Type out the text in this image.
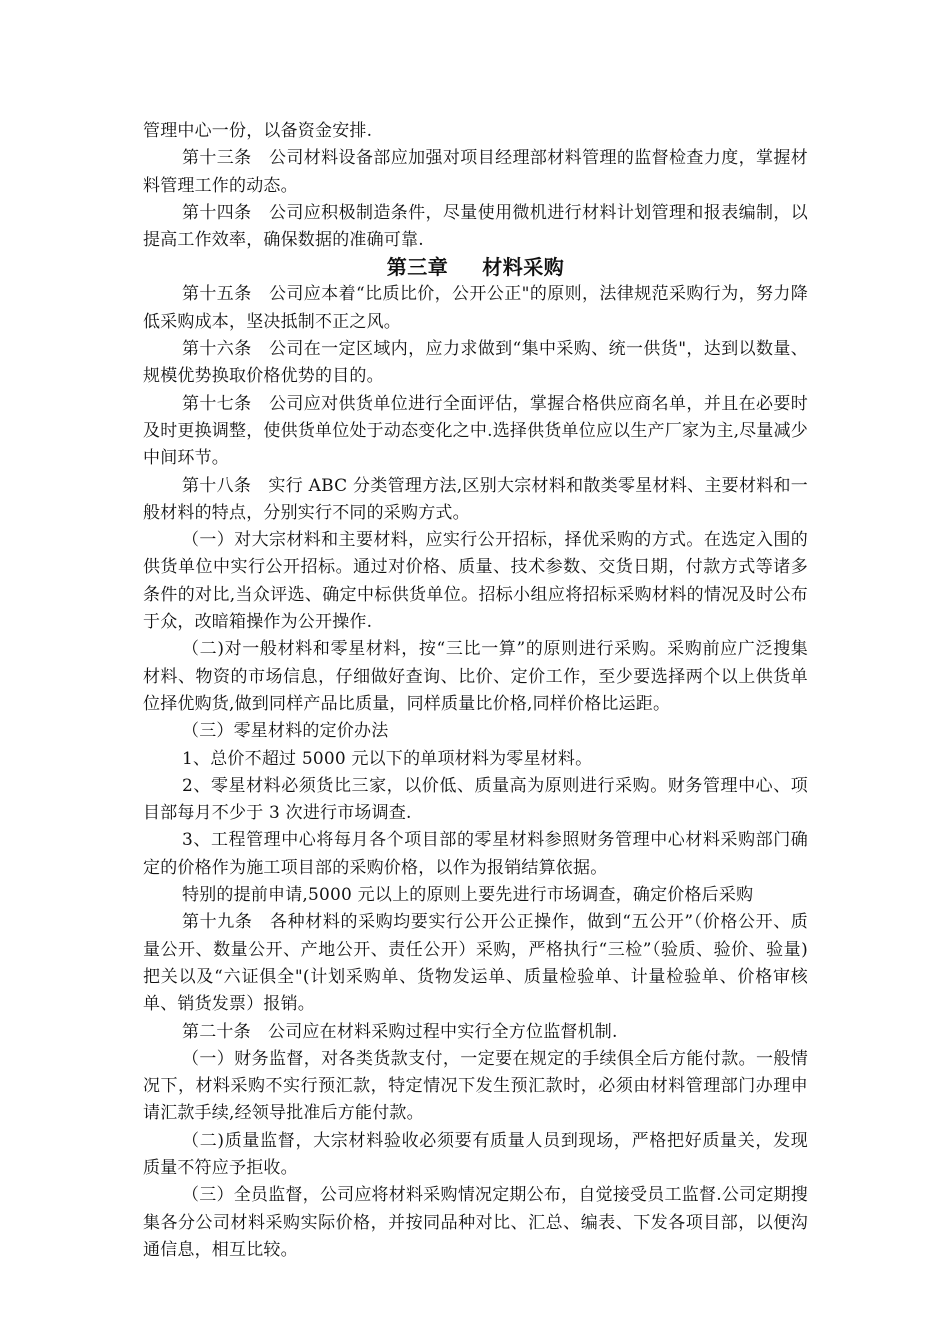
管理中心一份，以备资金安排.

第十三条　公司材料设备部应加强对项目经理部材料管理的监督检查力度，掌握材料管理工作的动态。

第十四条　公司应积极制造条件，尽量使用微机进行材料计划管理和报表编制，以提高工作效率，确保数据的准确可靠.

第三章 材料采购

第十五条　公司应本着“比质比价，公开公正"的原则，法律规范采购行为，努力降低采购成本，坚决抵制不正之风。

第十六条　公司在一定区域内，应力求做到“集中采购、统一供货"，达到以数量、规模优势换取价格优势的目的。

第十七条　公司应对供货单位进行全面评估，掌握合格供应商名单，并且在必要时及时更换调整，使供货单位处于动态变化之中.选择供货单位应以生产厂家为主,尽量减少中间环节。

第十八条　实行 ABC 分类管理方法,区别大宗材料和散类零星材料、主要材料和一般材料的特点，分别实行不同的采购方式。

（一）对大宗材料和主要材料，应实行公开招标，择优采购的方式。在选定入围的供货单位中实行公开招标。通过对价格、质量、技术参数、交货日期，付款方式等诸多条件的对比,当众评选、确定中标供货单位。招标小组应将招标采购材料的情况及时公布于众，改暗箱操作为公开操作.

（二)对一般材料和零星材料，按“三比一算”的原则进行采购。采购前应广泛搜集材料、物资的市场信息，仔细做好查询、比价、定价工作，至少要选择两个以上供货单位择优购货,做到同样产品比质量，同样质量比价格,同样价格比运距。

（三）零星材料的定价办法

1、总价不超过 5000 元以下的单项材料为零星材料。

2、零星材料必须货比三家，以价低、质量高为原则进行采购。财务管理中心、项目部每月不少于 3 次进行市场调查.

3、工程管理中心将每月各个项目部的零星材料参照财务管理中心材料采购部门确定的价格作为施工项目部的采购价格，以作为报销结算依据。

特别的提前申请,5000 元以上的原则上要先进行市场调查，确定价格后采购

第十九条　各种材料的采购均要实行公开公正操作，做到“五公开”（价格公开、质量公开、数量公开、产地公开、责任公开）采购，严格执行“三检”（验质、验价、验量)把关以及“六证俱全"(计划采购单、货物发运单、质量检验单、计量检验单、价格审核单、销货发票）报销。

第二十条　公司应在材料采购过程中实行全方位监督机制.

（一）财务监督，对各类货款支付，一定要在规定的手续俱全后方能付款。一般情况下，材料采购不实行预汇款，特定情况下发生预汇款时，必须由材料管理部门办理申请汇款手续,经领导批准后方能付款。

（二)质量监督，大宗材料验收必须要有质量人员到现场，严格把好质量关，发现质量不符应予拒收。

（三）全员监督，公司应将材料采购情况定期公布，自觉接受员工监督.公司定期搜集各分公司材料采购实际价格，并按同品种对比、汇总、编表、下发各项目部，以便沟通信息，相互比较。
